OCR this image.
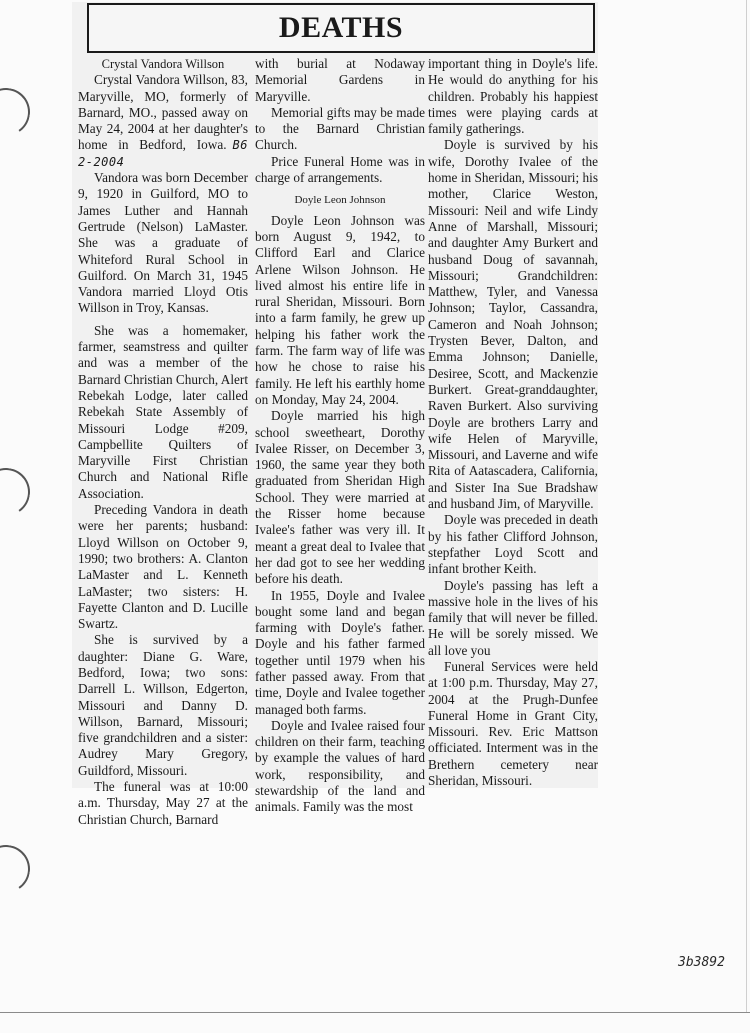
DEATHS

Crystal Vandora Willson

Crystal Vandora Willson, 83, Maryville, MO, formerly of Barnard, MO., passed away on May 24, 2004 at her daughter's home in Bedford, Iowa. B6 2-2004

Vandora was born December 9, 1920 in Guilford, MO to James Luther and Hannah Gertrude (Nelson) LaMaster. She was a graduate of Whiteford Rural School in Guilford. On March 31, 1945 Vandora married Lloyd Otis Willson in Troy, Kansas.

She was a homemaker, farmer, seamstress and quilter and was a member of the Barnard Christian Church, Alert Rebekah Lodge, later called Rebekah State Assembly of Missouri Lodge #209, Campbellite Quilters of Maryville First Christian Church and National Rifle Association.

Preceding Vandora in death were her parents; husband: Lloyd Willson on October 9, 1990; two brothers: A. Clanton LaMaster and L. Kenneth LaMaster; two sisters: H. Fayette Clanton and D. Lucille Swartz.

She is survived by a daughter: Diane G. Ware, Bedford, Iowa; two sons: Darrell L. Willson, Edgerton, Missouri and Danny D. Willson, Barnard, Missouri; five grandchildren and a sister: Audrey Mary Gregory, Guildford, Missouri.

The funeral was at 10:00 a.m. Thursday, May 27 at the Christian Church, Barnard

with burial at Nodaway Memorial Gardens in Maryville.

Memorial gifts may be made to the Barnard Christian Church.

Price Funeral Home was in charge of arrangements.

Doyle Leon Johnson

Doyle Leon Johnson was born August 9, 1942, to Clifford Earl and Clarice Arlene Wilson Johnson. He lived almost his entire life in rural Sheridan, Missouri. Born into a farm family, he grew up helping his father work the farm. The farm way of life was how he chose to raise his family. He left his earthly home on Monday, May 24, 2004.

Doyle married his high school sweetheart, Dorothy Ivalee Risser, on December 3, 1960, the same year they both graduated from Sheridan High School. They were married at the Risser home because Ivalee's father was very ill. It meant a great deal to Ivalee that her dad got to see her wedding before his death.

In 1955, Doyle and Ivalee bought some land and began farming with Doyle's father. Doyle and his father farmed together until 1979 when his father passed away. From that time, Doyle and Ivalee together managed both farms.

Doyle and Ivalee raised four children on their farm, teaching by example the values of hard work, responsibility, and stewardship of the land and animals. Family was the most

important thing in Doyle's life. He would do anything for his children. Probably his happiest times were playing cards at family gatherings.

Doyle is survived by his wife, Dorothy Ivalee of the home in Sheridan, Missouri; his mother, Clarice Weston, Missouri: Neil and wife Lindy Anne of Marshall, Missouri; and daughter Amy Burkert and husband Doug of savannah, Missouri; Grandchildren: Matthew, Tyler, and Vanessa Johnson; Taylor, Cassandra, Cameron and Noah Johnson; Trysten Bever, Dalton, and Emma Johnson; Danielle, Desiree, Scott, and Mackenzie Burkert. Great-granddaughter, Raven Burkert. Also surviving Doyle are brothers Larry and wife Helen of Maryville, Missouri, and Laverne and wife Rita of Aatascadera, California, and Sister Ina Sue Bradshaw and husband Jim, of Maryville.

Doyle was preceded in death by his father Clifford Johnson, stepfather Loyd Scott and infant brother Keith.

Doyle's passing has left a massive hole in the lives of his family that will never be filled. He will be sorely missed. We all love you

Funeral Services were held at 1:00 p.m. Thursday, May 27, 2004 at the Prugh-Dunfee Funeral Home in Grant City, Missouri. Rev. Eric Mattson officiated. Interment was in the Brethern cemetery near Sheridan, Missouri.

3b3892
